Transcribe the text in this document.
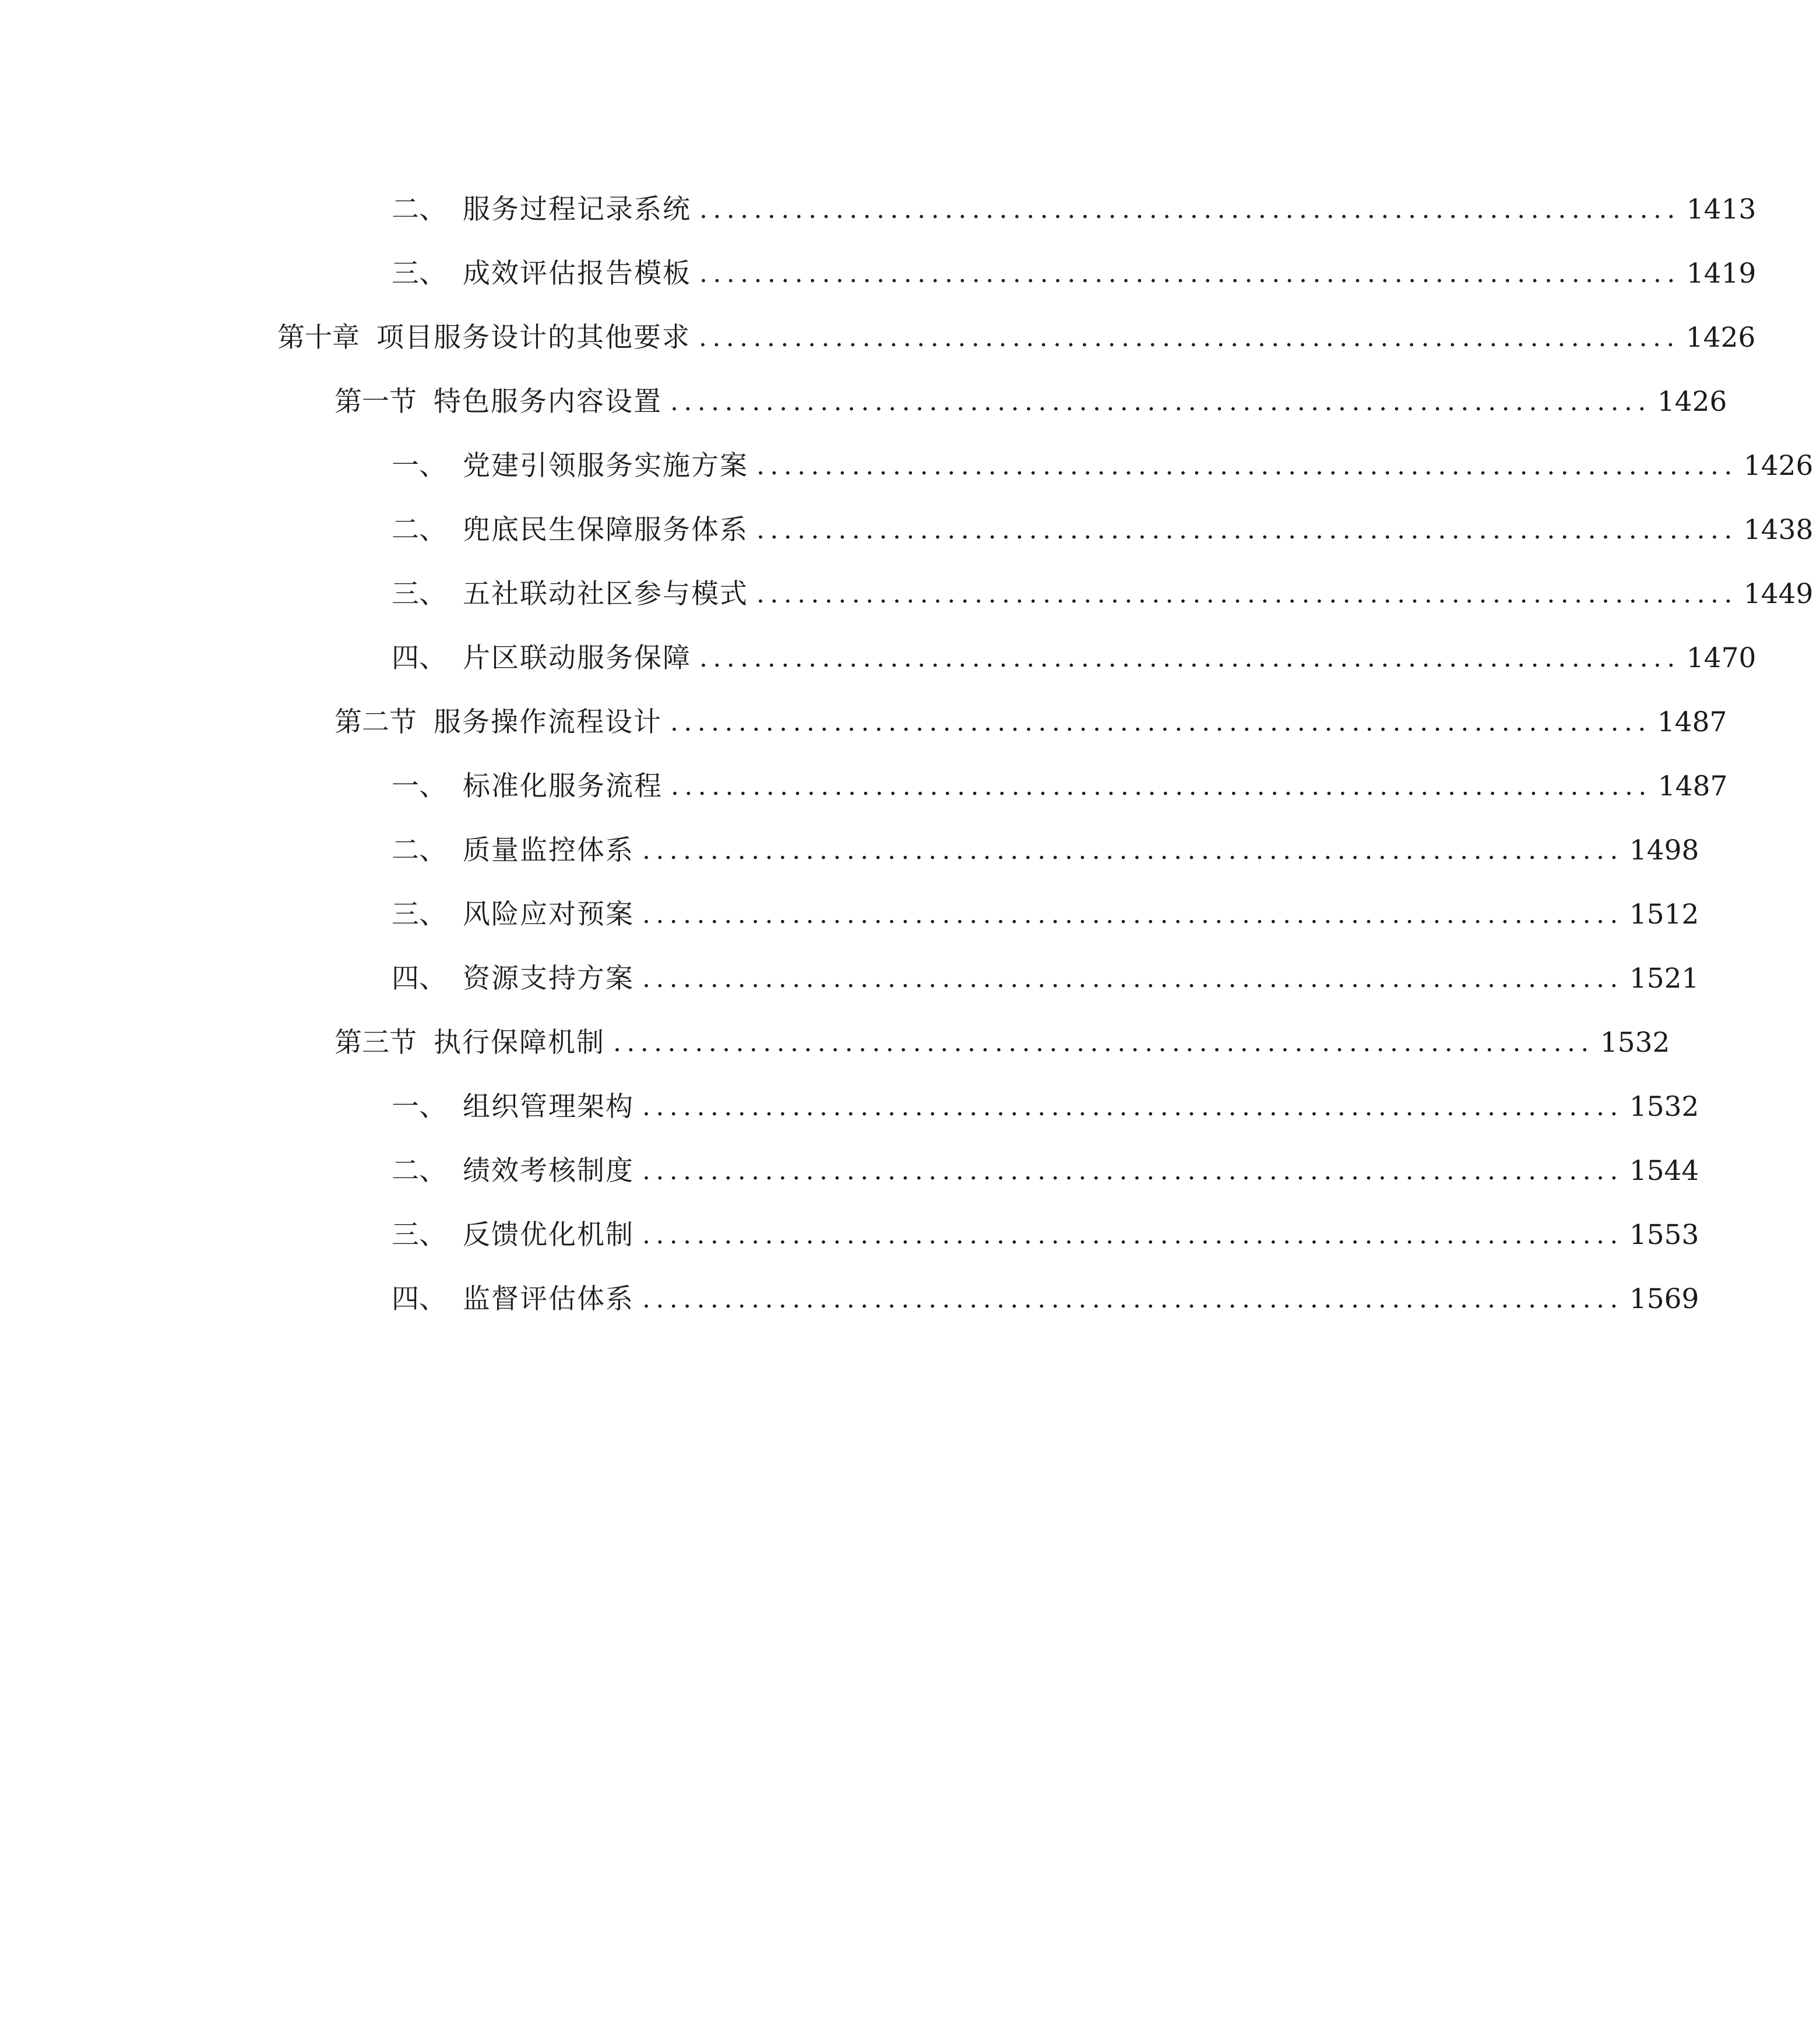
二、 服务过程记录系统 ........................................................................ 1413
三、 成效评估报告模板 ........................................................................ 1419
第十章 项目服务设计的其他要求 ........................................................................ 1426
第一节 特色服务内容设置 ........................................................................ 1426
一、 党建引领服务实施方案 ........................................................................ 1426
二、 兜底民生保障服务体系 ........................................................................ 1438
三、 五社联动社区参与模式 ........................................................................ 1449
四、 片区联动服务保障 ........................................................................ 1470
第二节 服务操作流程设计 ........................................................................ 1487
一、 标准化服务流程 ........................................................................ 1487
二、 质量监控体系 ........................................................................ 1498
三、 风险应对预案 ........................................................................ 1512
四、 资源支持方案 ........................................................................ 1521
第三节 执行保障机制 ........................................................................ 1532
一、 组织管理架构 ........................................................................ 1532
二、 绩效考核制度 ........................................................................ 1544
三、 反馈优化机制 ........................................................................ 1553
四、 监督评估体系 ........................................................................ 1569
